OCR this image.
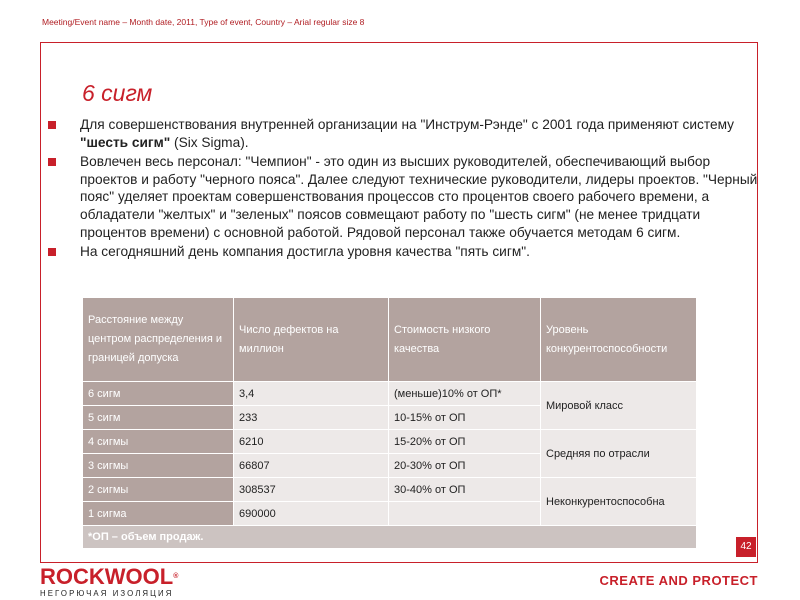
Meeting/Event name – Month date, 2011, Type of event, Country – Arial regular size 8
6 сигм
Для совершенствования внутренней организации на "Инструм-Рэнде" с 2001 года применяют систему "шесть сигм" (Six Sigma).
Вовлечен весь персонал: "Чемпион" - это один из высших руководителей, обеспечивающий выбор проектов и работу "черного пояса". Далее следуют технические руководители, лидеры проектов. "Черный пояс" уделяет проектам совершенствования процессов сто процентов своего рабочего времени, а обладатели "желтых" и "зеленых" поясов совмещают работу по "шесть сигм" (не менее тридцати процентов времени) с основной работой. Рядовой персонал также обучается методам 6 сигм.
На сегодняшний день компания достигла уровня качества "пять сигм".
Расстояние между центром распределения и границей допуска	Число дефектов на миллион	Стоимость низкого качества	Уровень конкурентоспособности
6 сигм	3,4	(меньше)10% от ОП*	Мировой класс
5 сигм	233	10-15% от ОП	
4 сигмы	6210	15-20% от ОП	Средняя по отрасли
3 сигмы	66807	20-30% от ОП	
2 сигмы	308537	30-40% от ОП	Неконкурентоспособна
1 сигма	690000		
*ОП – объем продаж.			
42
ROCKWOOL®
НЕГОРЮЧАЯ ИЗОЛЯЦИЯ
CREATE AND PROTECT
